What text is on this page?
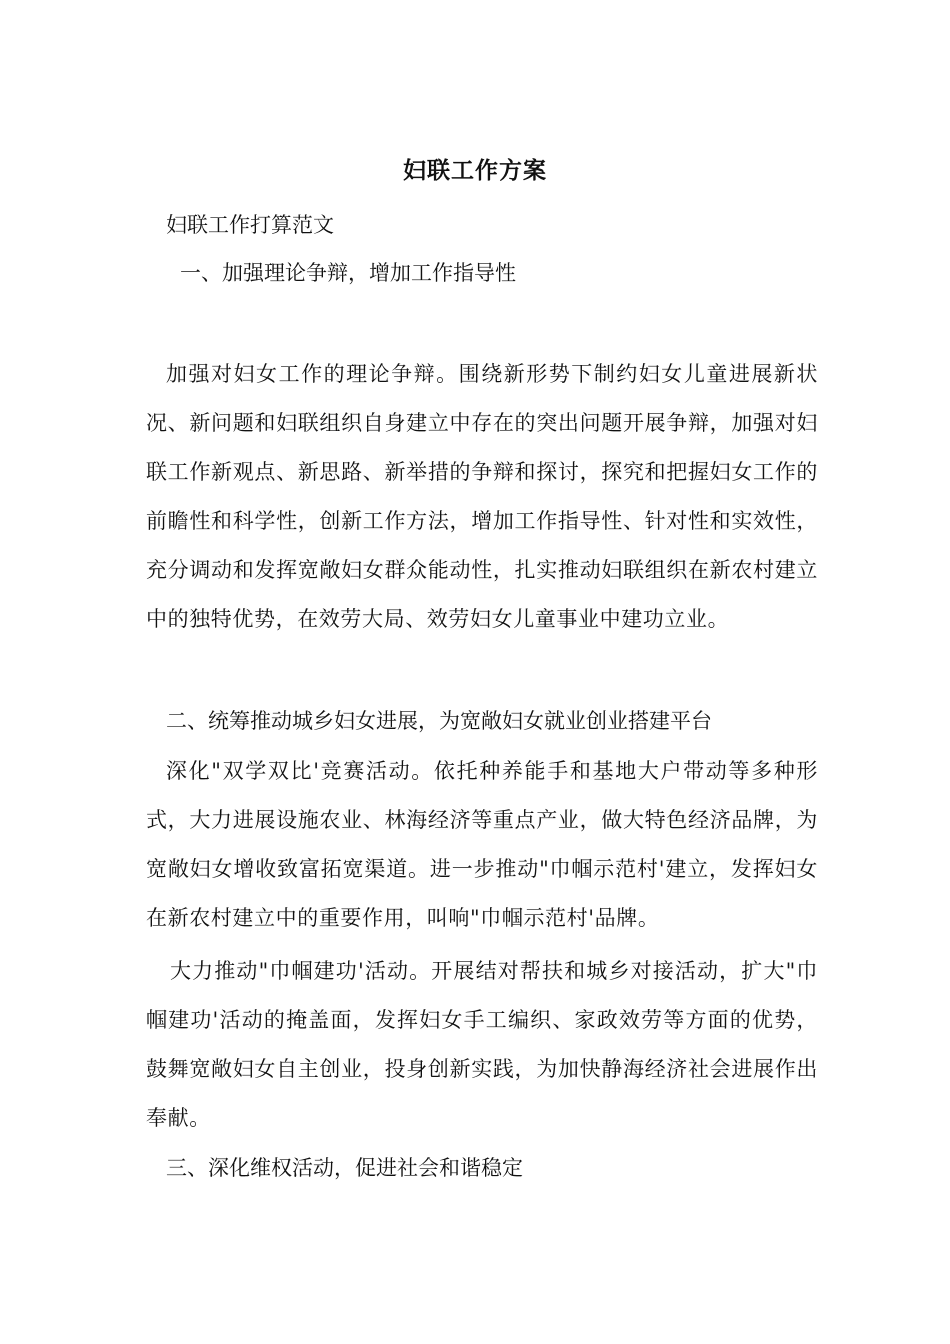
妇联工作方案
妇联工作打算范文
一、加强理论争辩，增加工作指导性
加强对妇女工作的理论争辩。围绕新形势下制约妇女儿童进展新状况、新问题和妇联组织自身建立中存在的突出问题开展争辩，加强对妇联工作新观点、新思路、新举措的争辩和探讨，探究和把握妇女工作的前瞻性和科学性，创新工作方法，增加工作指导性、针对性和实效性，充分调动和发挥宽敞妇女群众能动性，扎实推动妇联组织在新农村建立中的独特优势，在效劳大局、效劳妇女儿童事业中建功立业。
二、统筹推动城乡妇女进展，为宽敞妇女就业创业搭建平台
深化"双学双比'竞赛活动。依托种养能手和基地大户带动等多种形式，大力进展设施农业、林海经济等重点产业，做大特色经济品牌，为宽敞妇女增收致富拓宽渠道。进一步推动"巾帼示范村'建立，发挥妇女在新农村建立中的重要作用，叫响"巾帼示范村'品牌。
大力推动"巾帼建功'活动。开展结对帮扶和城乡对接活动，扩大"巾帼建功'活动的掩盖面，发挥妇女手工编织、家政效劳等方面的优势，鼓舞宽敞妇女自主创业，投身创新实践，为加快静海经济社会进展作出奉献。
三、深化维权活动，促进社会和谐稳定
